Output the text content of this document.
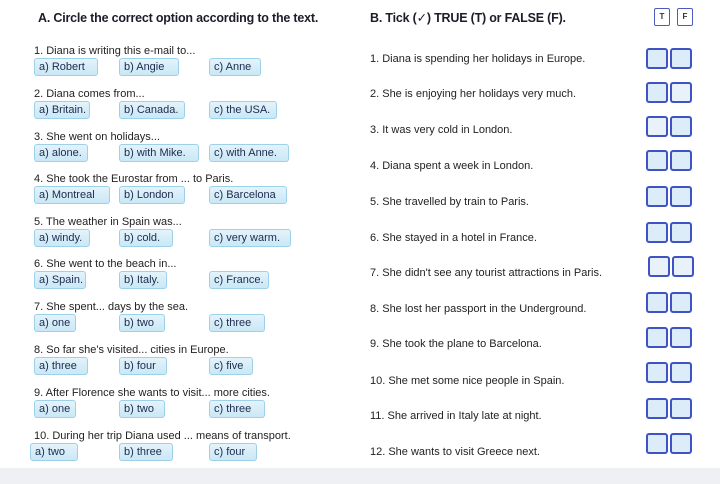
A. Circle the correct option according to the text.
1. Diana is writing this e-mail to...
a) Robert	b) Angie	c) Anne
2. Diana comes from...
a) Britain.	b) Canada.	c) the USA.
3. She went on holidays...
a) alone.	b) with Mike.	c) with Anne.
4. She took the Eurostar from ... to Paris.
a) Montreal	b) London	c) Barcelona
5. The weather in Spain was...
a) windy.	b) cold.	c) very warm.
6. She went to the beach in...
a) Spain.	b) Italy.	c) France.
7. She spent... days by the sea.
a) one	b) two	c) three
8. So far she's visited... cities in Europe.
a) three	b) four	c) five
9. After Florence she wants to visit... more cities.
a) one	b) two	c) three
10. During her trip Diana used ... means of transport.
a) two	b) three	c) four
B. Tick (✓) TRUE (T) or FALSE (F).	T	F
1. Diana is spending her holidays in Europe.
2. She is enjoying her holidays very much.
3. It was very cold in London.
4. Diana spent a week in London.
5. She travelled by train to Paris.
6. She stayed in a hotel in France.
7. She didn't see any tourist attractions in Paris.
8. She lost her passport in the Underground.
9. She took the plane to Barcelona.
10. She met some nice people in Spain.
11. She arrived in Italy late at night.
12. She wants to visit Greece next.
